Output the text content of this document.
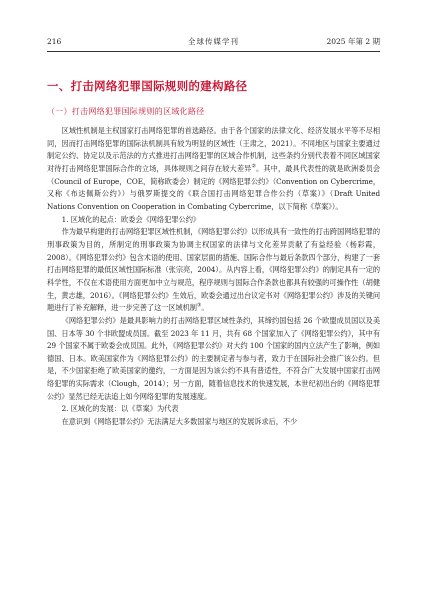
216	全球传媒学刊	2025 年第 2 期
一、打击网络犯罪国际规则的建构路径
（一）打击网络犯罪国际规则的区域化路径

区域性机制是主权国家打击网络犯罪的首选路径。由于各个国家的法律文化、经济发展水平等不尽相同，因而打击网络犯罪的国际法机制具有较为明显的区域性（王肃之，2021）。不同地区与国家主要通过制定公约、协定以及示范法的方式推进打击网络犯罪的区域合作机制，这些条约分别代表着不同区域国家对待打击网络犯罪国际合作的立场，具体规则之间存在较大差异②。其中，最具代表性的就是欧洲委员会（Council of Europe，COE，简称欧委会）制定的《网络犯罪公约》（Convention on Cybercrime，又称《布达佩斯公约》）与俄罗斯提交的《联合国打击网络犯罪合作公约（草案）》（Draft United Nations Convention on Cooperation in Combating Cybercrime，以下简称《草案》）。

1. 区域化的起点：欧委会《网络犯罪公约》

作为最早构建的打击网络犯罪区域性机制，《网络犯罪公约》以形成具有一致性的打击跨国网络犯罪的刑事政策为目的，所制定的刑事政策为协调主权国家的法律与文化差异贡献了有益经验（杨彩霞，2008）。《网络犯罪公约》包含术语的使用、国家层面的措施、国际合作与最后条款四个部分，构建了一套打击网络犯罪的最低区域性国际标准（张宗亮，2004）。从内容上看，《网络犯罪公约》的制定具有一定的科学性，不仅在术语使用方面更加中立与规范，程序规则与国际合作条款也都具有较强的可操作性（胡健生，黄志雄，2016）。《网络犯罪公约》生效后，欧委会通过出台议定书对《网络犯罪公约》涉及的关键问题进行了补充解释，进一步完善了这一区域机制③。

《网络犯罪公约》是最具影响力的打击网络犯罪区域性条约，其缔约国包括 26 个欧盟成员国以及美国、日本等 30 个非欧盟成员国。截至 2023 年 11 月，共有 68 个国家加入了《网络犯罪公约》，其中有 29 个国家不属于欧委会成员国。此外，《网络犯罪公约》对大约 100 个国家的国内立法产生了影响，例如德国、日本。欧美国家作为《网络犯罪公约》的主要制定者与参与者，致力于在国际社会推广该公约。但是，不少国家拒绝了欧美国家的邀约，一方面是因为该公约不具有普适性，不符合广大发展中国家打击网络犯罪的实际需求（Clough，2014）；另一方面，随着信息技术的快速发展，本世纪初出台的《网络犯罪公约》显然已经无法追上如今网络犯罪的发展速度。

2. 区域化的发展：以《草案》为代表

在意识到《网络犯罪公约》无法满足大多数国家与地区的发展诉求后，不少
